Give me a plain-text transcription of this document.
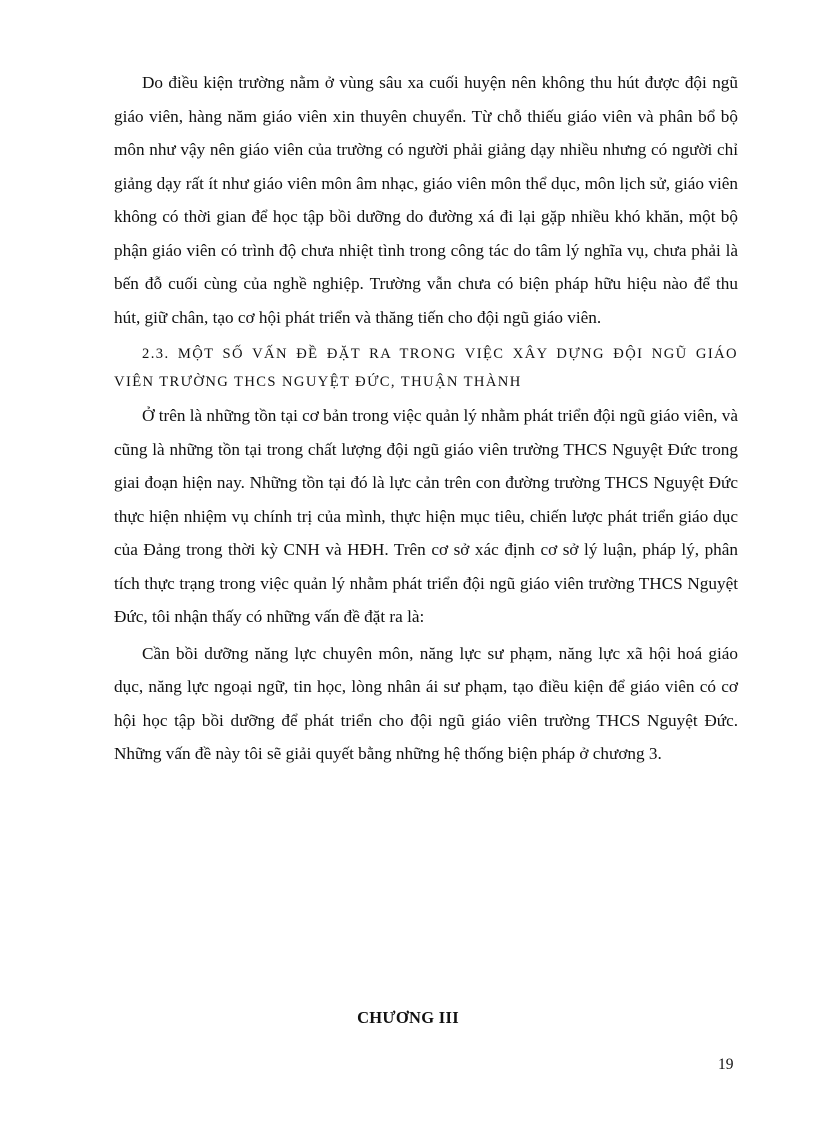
Do điều kiện trường nằm ở vùng sâu xa cuối huyện nên không thu hút được đội ngũ giáo viên, hàng năm giáo viên xin thuyên chuyển. Từ chỗ thiếu giáo viên và phân bổ bộ môn như vậy nên giáo viên của trường có người phải giảng dạy nhiều nhưng có người chỉ giảng dạy rất ít như giáo viên môn âm nhạc, giáo viên môn thể dục, môn lịch sử, giáo viên không có thời gian để học tập bồi dưỡng do đường xá đi lại gặp nhiều khó khăn, một bộ phận giáo viên có trình độ chưa nhiệt tình trong công tác do tâm lý nghĩa vụ, chưa phải là bến đỗ cuối cùng của nghề nghiệp. Trường vẫn chưa có biện pháp hữu hiệu nào để thu hút, giữ chân, tạo cơ hội phát triển và thăng tiến cho đội ngũ giáo viên.

2.3. MỘT SỐ VẤN ĐỀ ĐẶT RA TRONG VIỆC XÂY DỰNG ĐỘI NGŨ GIÁO VIÊN TRƯỜNG THCS NGUYỆT ĐỨC, THUẬN THÀNH

Ở trên là những tồn tại cơ bản trong việc quản lý nhằm phát triển đội ngũ giáo viên, và cũng là những tồn tại trong chất lượng đội ngũ giáo viên trường THCS Nguyệt Đức trong giai đoạn hiện nay. Những tồn tại đó là lực cản trên con đường trường THCS Nguyệt Đức thực hiện nhiệm vụ chính trị của mình, thực hiện mục tiêu, chiến lược phát triển giáo dục của Đảng trong thời kỳ CNH và HĐH. Trên cơ sở xác định cơ sở lý luận, pháp lý, phân tích thực trạng trong việc quản lý nhằm phát triển đội ngũ giáo viên trường THCS Nguyệt Đức, tôi nhận thấy có những vấn đề đặt ra là:

Cần bồi dưỡng năng lực chuyên môn, năng lực sư phạm, năng lực xã hội hoá giáo dục, năng lực ngoại ngữ, tin học, lòng nhân ái sư phạm, tạo điều kiện để giáo viên có cơ hội học tập bồi dưỡng để phát triển cho đội ngũ giáo viên trường THCS Nguyệt Đức. Những vấn đề này tôi sẽ giải quyết bằng những hệ thống biện pháp ở chương 3.

CHƯƠNG III
19
